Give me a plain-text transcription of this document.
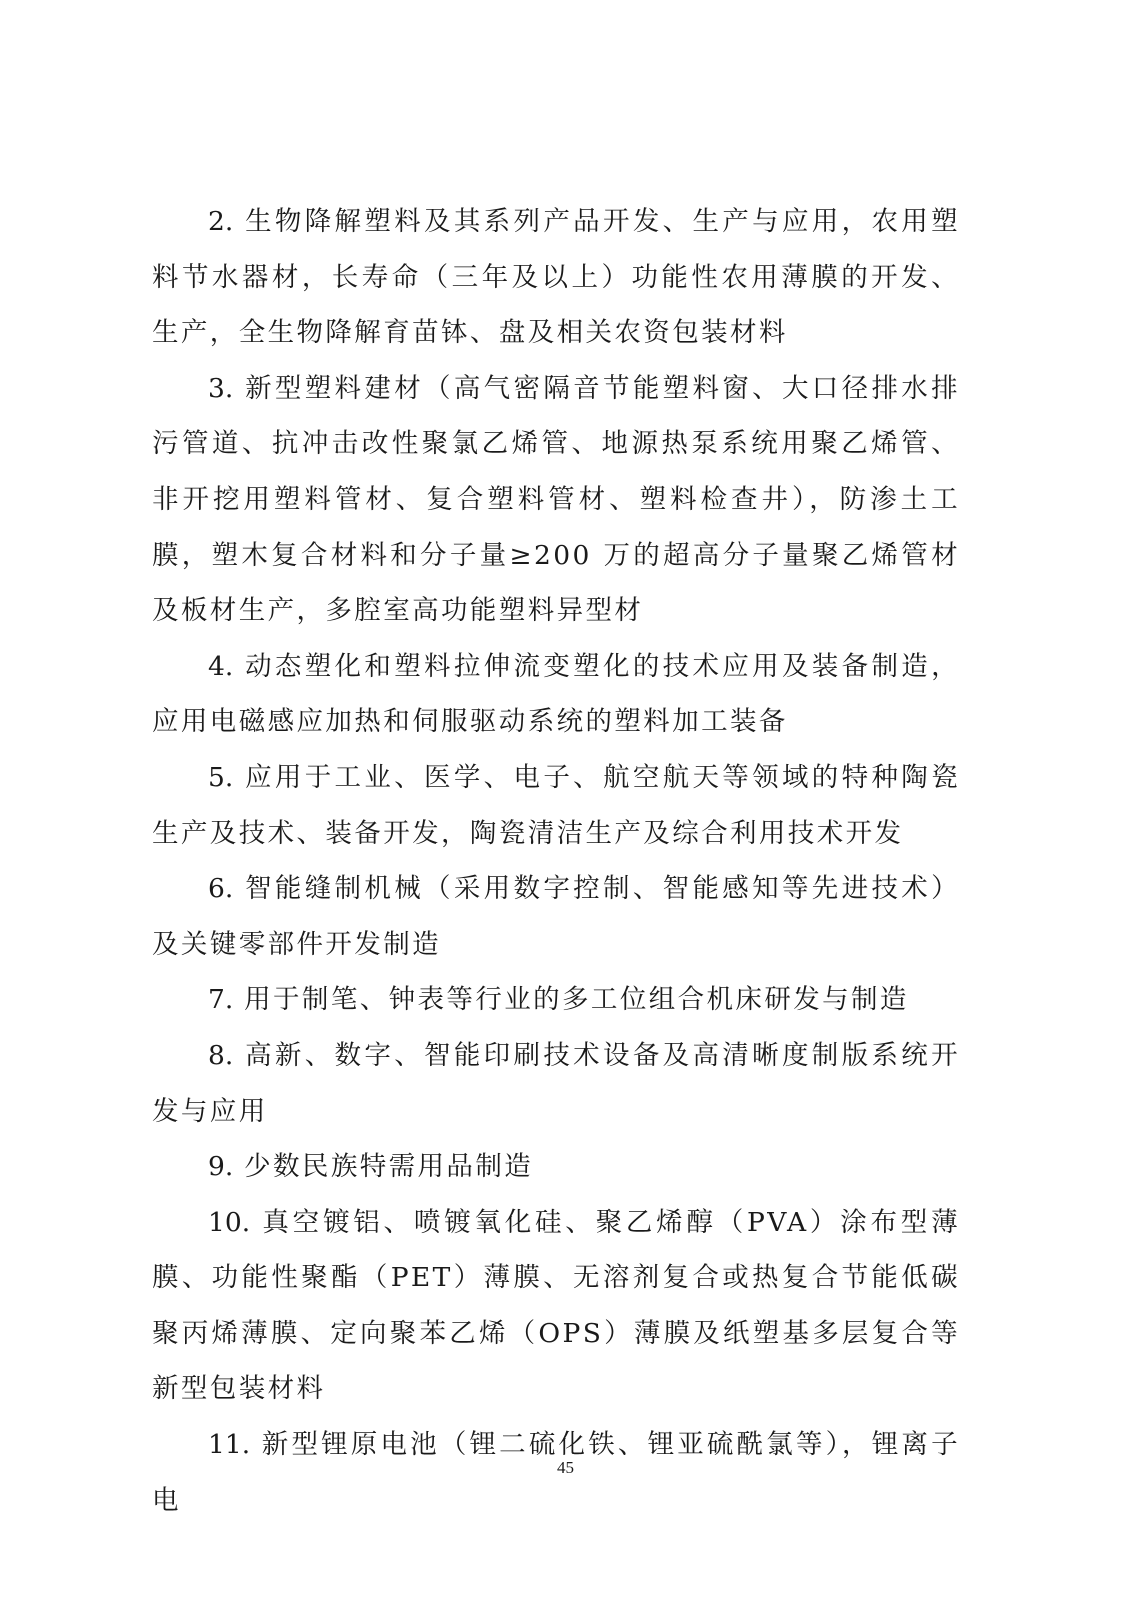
2. 生物降解塑料及其系列产品开发、生产与应用，农用塑料节水器材，长寿命（三年及以上）功能性农用薄膜的开发、生产，全生物降解育苗钵、盘及相关农资包装材料

3. 新型塑料建材（高气密隔音节能塑料窗、大口径排水排污管道、抗冲击改性聚氯乙烯管、地源热泵系统用聚乙烯管、非开挖用塑料管材、复合塑料管材、塑料检查井），防渗土工膜，塑木复合材料和分子量≥200 万的超高分子量聚乙烯管材及板材生产，多腔室高功能塑料异型材

4. 动态塑化和塑料拉伸流变塑化的技术应用及装备制造，应用电磁感应加热和伺服驱动系统的塑料加工装备

5. 应用于工业、医学、电子、航空航天等领域的特种陶瓷生产及技术、装备开发，陶瓷清洁生产及综合利用技术开发

6. 智能缝制机械（采用数字控制、智能感知等先进技术）及关键零部件开发制造

7. 用于制笔、钟表等行业的多工位组合机床研发与制造

8. 高新、数字、智能印刷技术设备及高清晰度制版系统开发与应用

9. 少数民族特需用品制造

10. 真空镀铝、喷镀氧化硅、聚乙烯醇（PVA）涂布型薄膜、功能性聚酯（PET）薄膜、无溶剂复合或热复合节能低碳聚丙烯薄膜、定向聚苯乙烯（OPS）薄膜及纸塑基多层复合等新型包装材料

11. 新型锂原电池（锂二硫化铁、锂亚硫酰氯等），锂离子电

45
